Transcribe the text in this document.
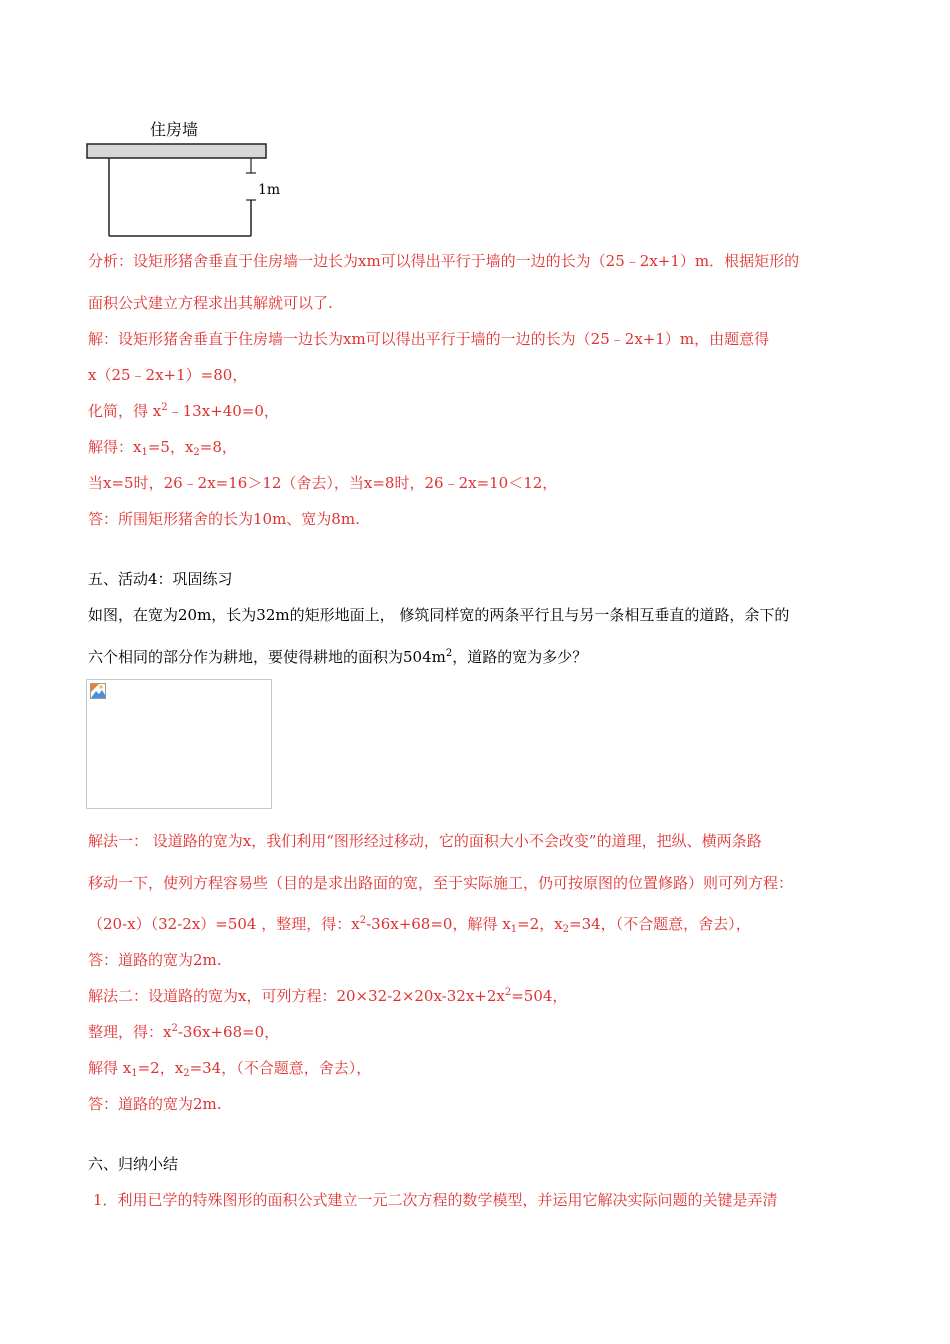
住房墙
1m
分析：设矩形猪舍垂直于住房墙一边长为xm可以得出平行于墙的一边的长为（25﹣2x+1）m．根据矩形的
面积公式建立方程求出其解就可以了.
解：设矩形猪舍垂直于住房墙一边长为xm可以得出平行于墙的一边的长为（25﹣2x+1）m，由题意得
x（25﹣2x+1）=80，
化简，得 $x^2﹣13x+40=0$，
解得：$x_1=5$，$x_2=8$，
当x=5时，26﹣2x=16＞12（舍去），当x=8时，26﹣2x=10＜12，
答：所围矩形猪舍的长为10m、宽为8m.
五、活动4：巩固练习
如图，在宽为20m，长为32m的矩形地面上， 修筑同样宽的两条平行且与另一条相互垂直的道路，余下的
六个相同的部分作为耕地，要使得耕地的面积为$504m^2$，道路的宽为多少？
解法一： 设道路的宽为x，我们利用“图形经过移动，它的面积大小不会改变”的道理，把纵、横两条路
移动一下，使列方程容易些（目的是求出路面的宽，至于实际施工，仍可按原图的位置修路）则可列方程：
（20-x）（32-2x）=504 ，整理，得：$x^2-36x+68=0$，解得 $x_1=2$，$x_2=34$，（不合题意，舍去），
答：道路的宽为2m.
解法二：设道路的宽为x，可列方程：$20\times 32-2\times 20x-32x+2x^2=504$，
整理，得：$x^2-36x+68=0$，
解得 $x_1=2$，$x_2=34$，（不合题意，舍去），
答：道路的宽为2m.
六、归纳小结
1．利用已学的特殊图形的面积公式建立一元二次方程的数学模型，并运用它解决实际问题的关键是弄清
